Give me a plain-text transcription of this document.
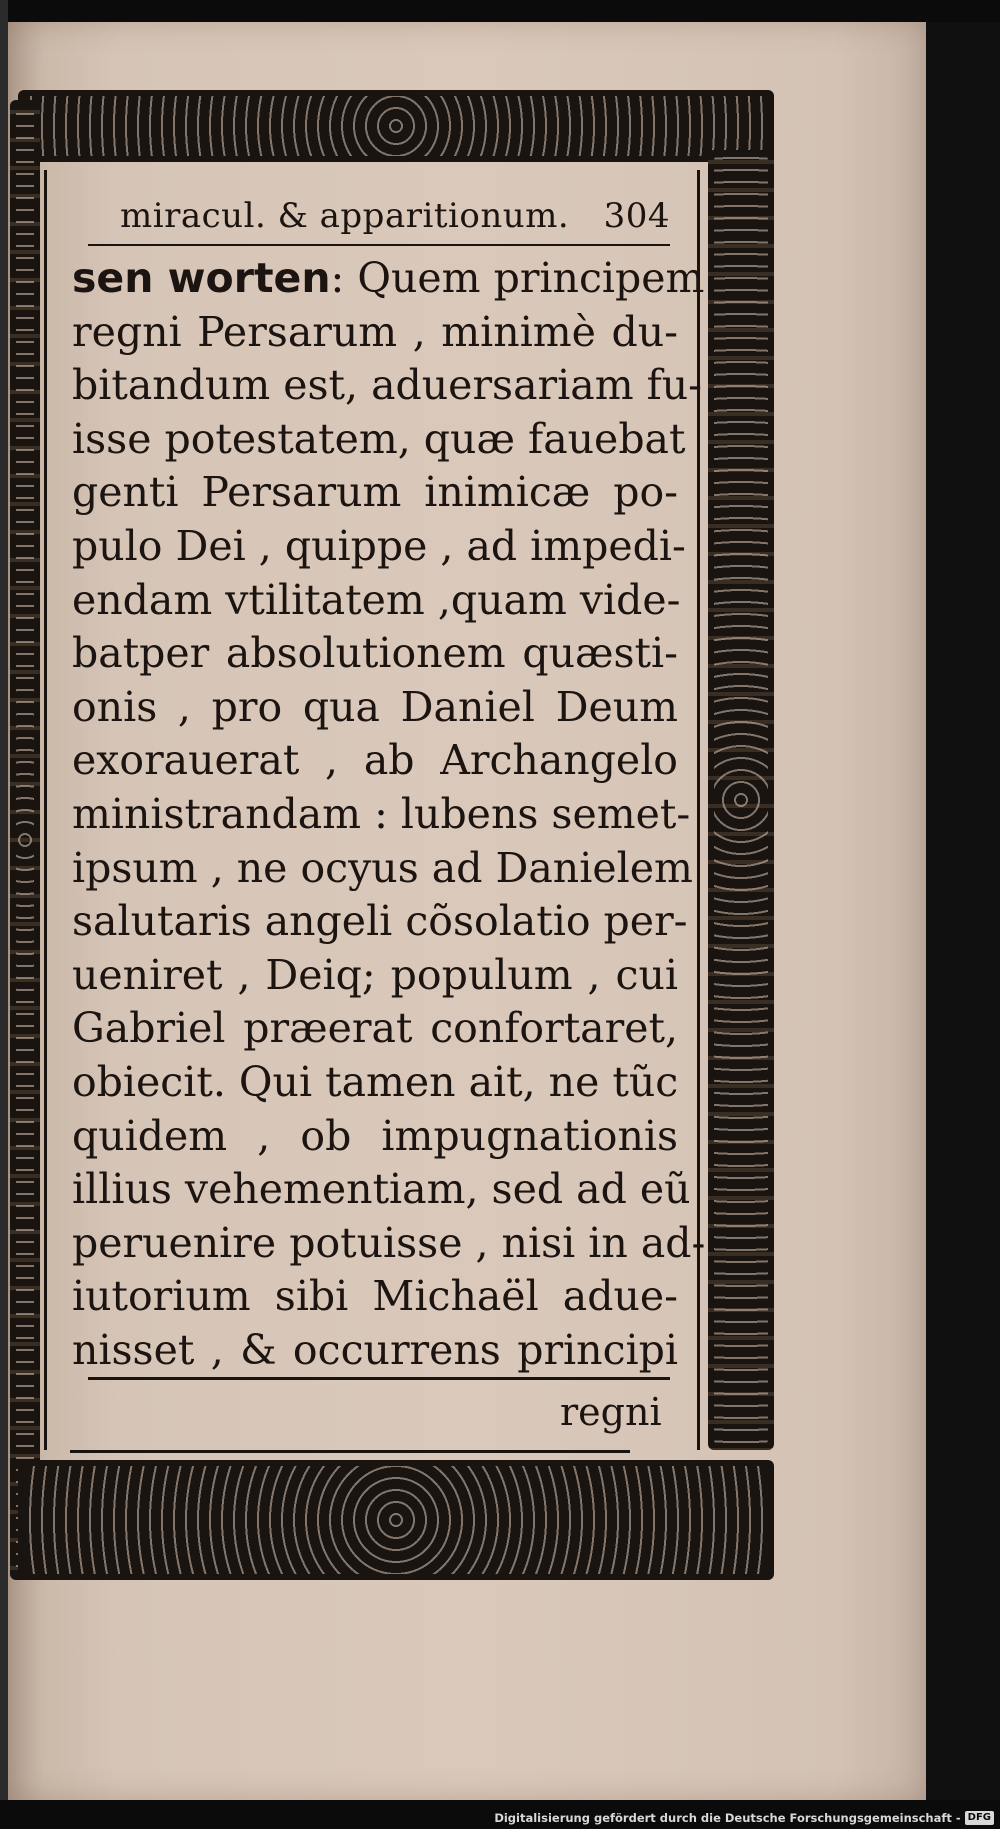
miracul. & apparitionum. 304
sen worten: Quem principem
regni Persarum , minimè du-
bitandum est, aduersariam fu-
isse potestatem, quæ fauebat
genti Persarum inimicæ po-
pulo Dei , quippe , ad impedi-
endam vtilitatem ,quam vide-
batper absolutionem quæsti-
onis , pro qua Daniel Deum
exorauerat , ab Archangelo
ministrandam : lubens semet-
ipsum , ne ocyus ad Danielem
salutaris angeli cõsolatio per-
ueniret , Deiq; populum , cui
Gabriel præerat confortaret,
obiecit. Qui tamen ait, ne tũc
quidem , ob impugnationis
illius vehementiam, sed ad eũ
peruenire potuisse , nisi in ad-
iutorium sibi Michaël adue-
nisset , & occurrens principi
regni
Digitalisierung gefördert durch die Deutsche Forschungsgemeinschaft - DFG
